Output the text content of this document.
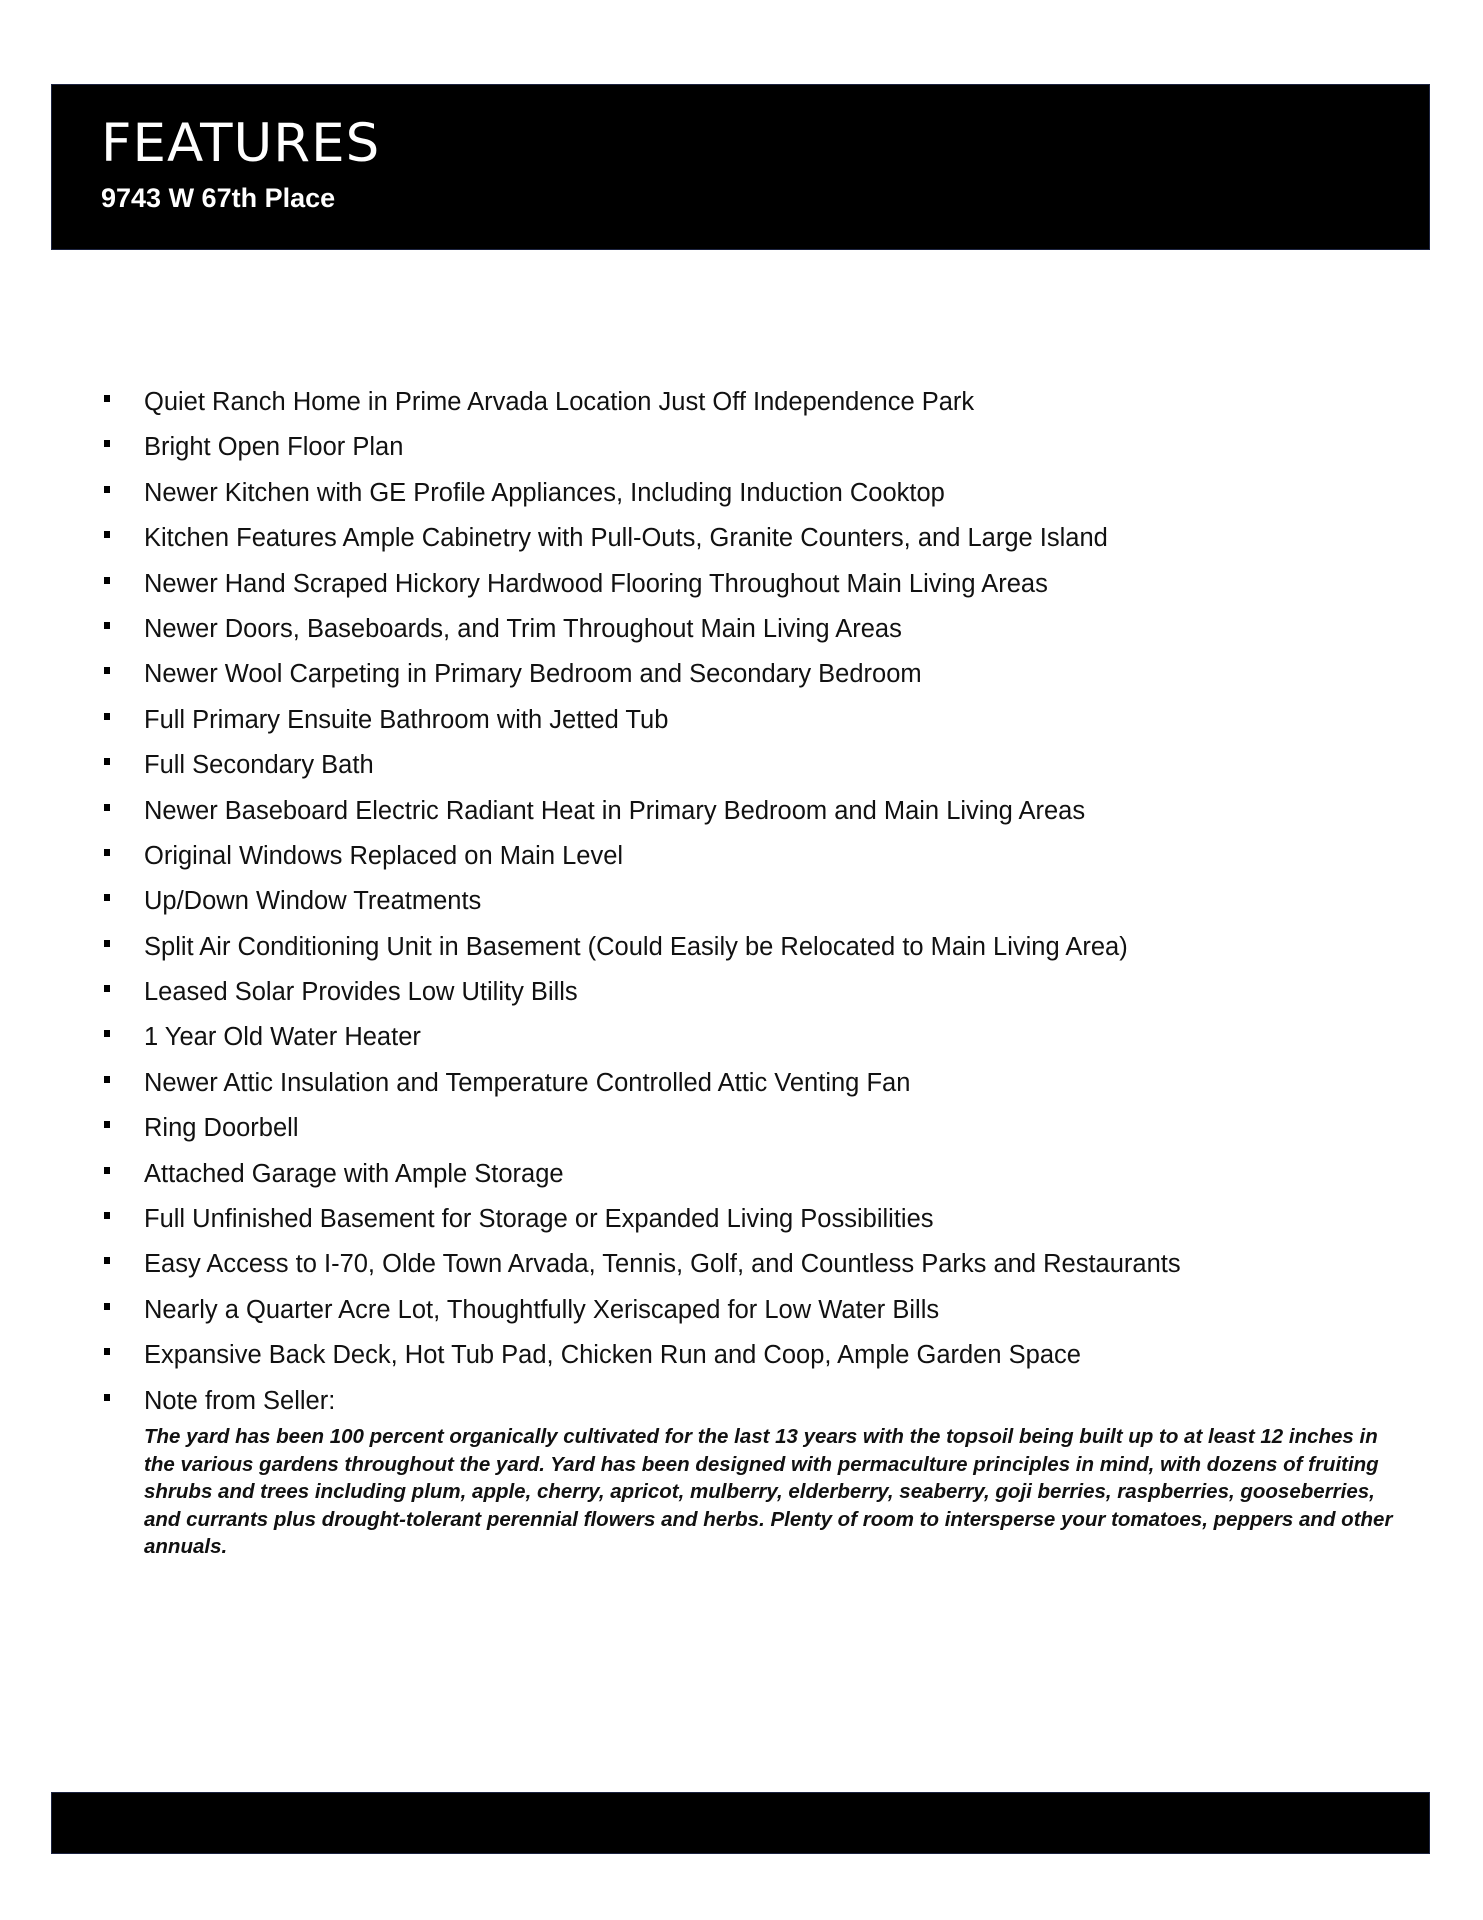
FEATURES
9743 W 67th Place
Quiet Ranch Home in Prime Arvada Location Just Off Independence Park
Bright Open Floor Plan
Newer Kitchen with GE Profile Appliances, Including Induction Cooktop
Kitchen Features Ample Cabinetry with Pull-Outs, Granite Counters, and Large Island
Newer Hand Scraped Hickory Hardwood Flooring Throughout Main Living Areas
Newer Doors, Baseboards, and Trim Throughout Main Living Areas
Newer Wool Carpeting in Primary Bedroom and Secondary Bedroom
Full Primary Ensuite Bathroom with Jetted Tub
Full Secondary Bath
Newer Baseboard Electric Radiant Heat in Primary Bedroom and Main Living Areas
Original Windows Replaced on Main Level
Up/Down Window Treatments
Split Air Conditioning Unit in Basement (Could Easily be Relocated to Main Living Area)
Leased Solar Provides Low Utility Bills
1 Year Old Water Heater
Newer Attic Insulation and Temperature Controlled Attic Venting Fan
Ring Doorbell
Attached Garage with Ample Storage
Full Unfinished Basement for Storage or Expanded Living Possibilities
Easy Access to I-70, Olde Town Arvada, Tennis, Golf, and Countless Parks and Restaurants
Nearly a Quarter Acre Lot, Thoughtfully Xeriscaped for Low Water Bills
Expansive Back Deck, Hot Tub Pad, Chicken Run and Coop, Ample Garden Space
Note from Seller:

The yard has been 100 percent organically cultivated for the last 13 years with the topsoil being built up to at least 12 inches in the various gardens throughout the yard. Yard has been designed with permaculture principles in mind, with dozens of fruiting shrubs and trees including plum, apple, cherry, apricot, mulberry, elderberry, seaberry, goji berries, raspberries, gooseberries, and currants plus drought-tolerant perennial flowers and herbs. Plenty of room to intersperse your tomatoes, peppers and other annuals.
